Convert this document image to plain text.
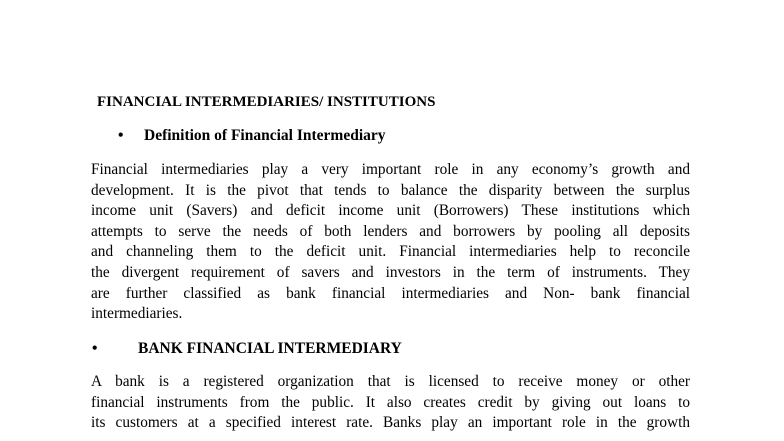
FINANCIAL INTERMEDIARIES/ INSTITUTIONS
• Definition of Financial Intermediary
Financial intermediaries play a very important role in any economy’s growth and
development. It is the pivot that tends to balance the disparity between the surplus
income unit (Savers) and deficit income unit (Borrowers) These institutions which
attempts to serve the needs of both lenders and borrowers by pooling all deposits
and channeling them to the deficit unit. Financial intermediaries help to reconcile
the divergent requirement of savers and investors in the term of instruments. They
are further classified as bank financial intermediaries and Non- bank financial
intermediaries.
•	BANK FINANCIAL INTERMEDIARY
A bank is a registered organization that is licensed to receive money or other
financial instruments from the public. It also creates credit by giving out loans to
its customers at a specified interest rate. Banks play an important role in the growth
